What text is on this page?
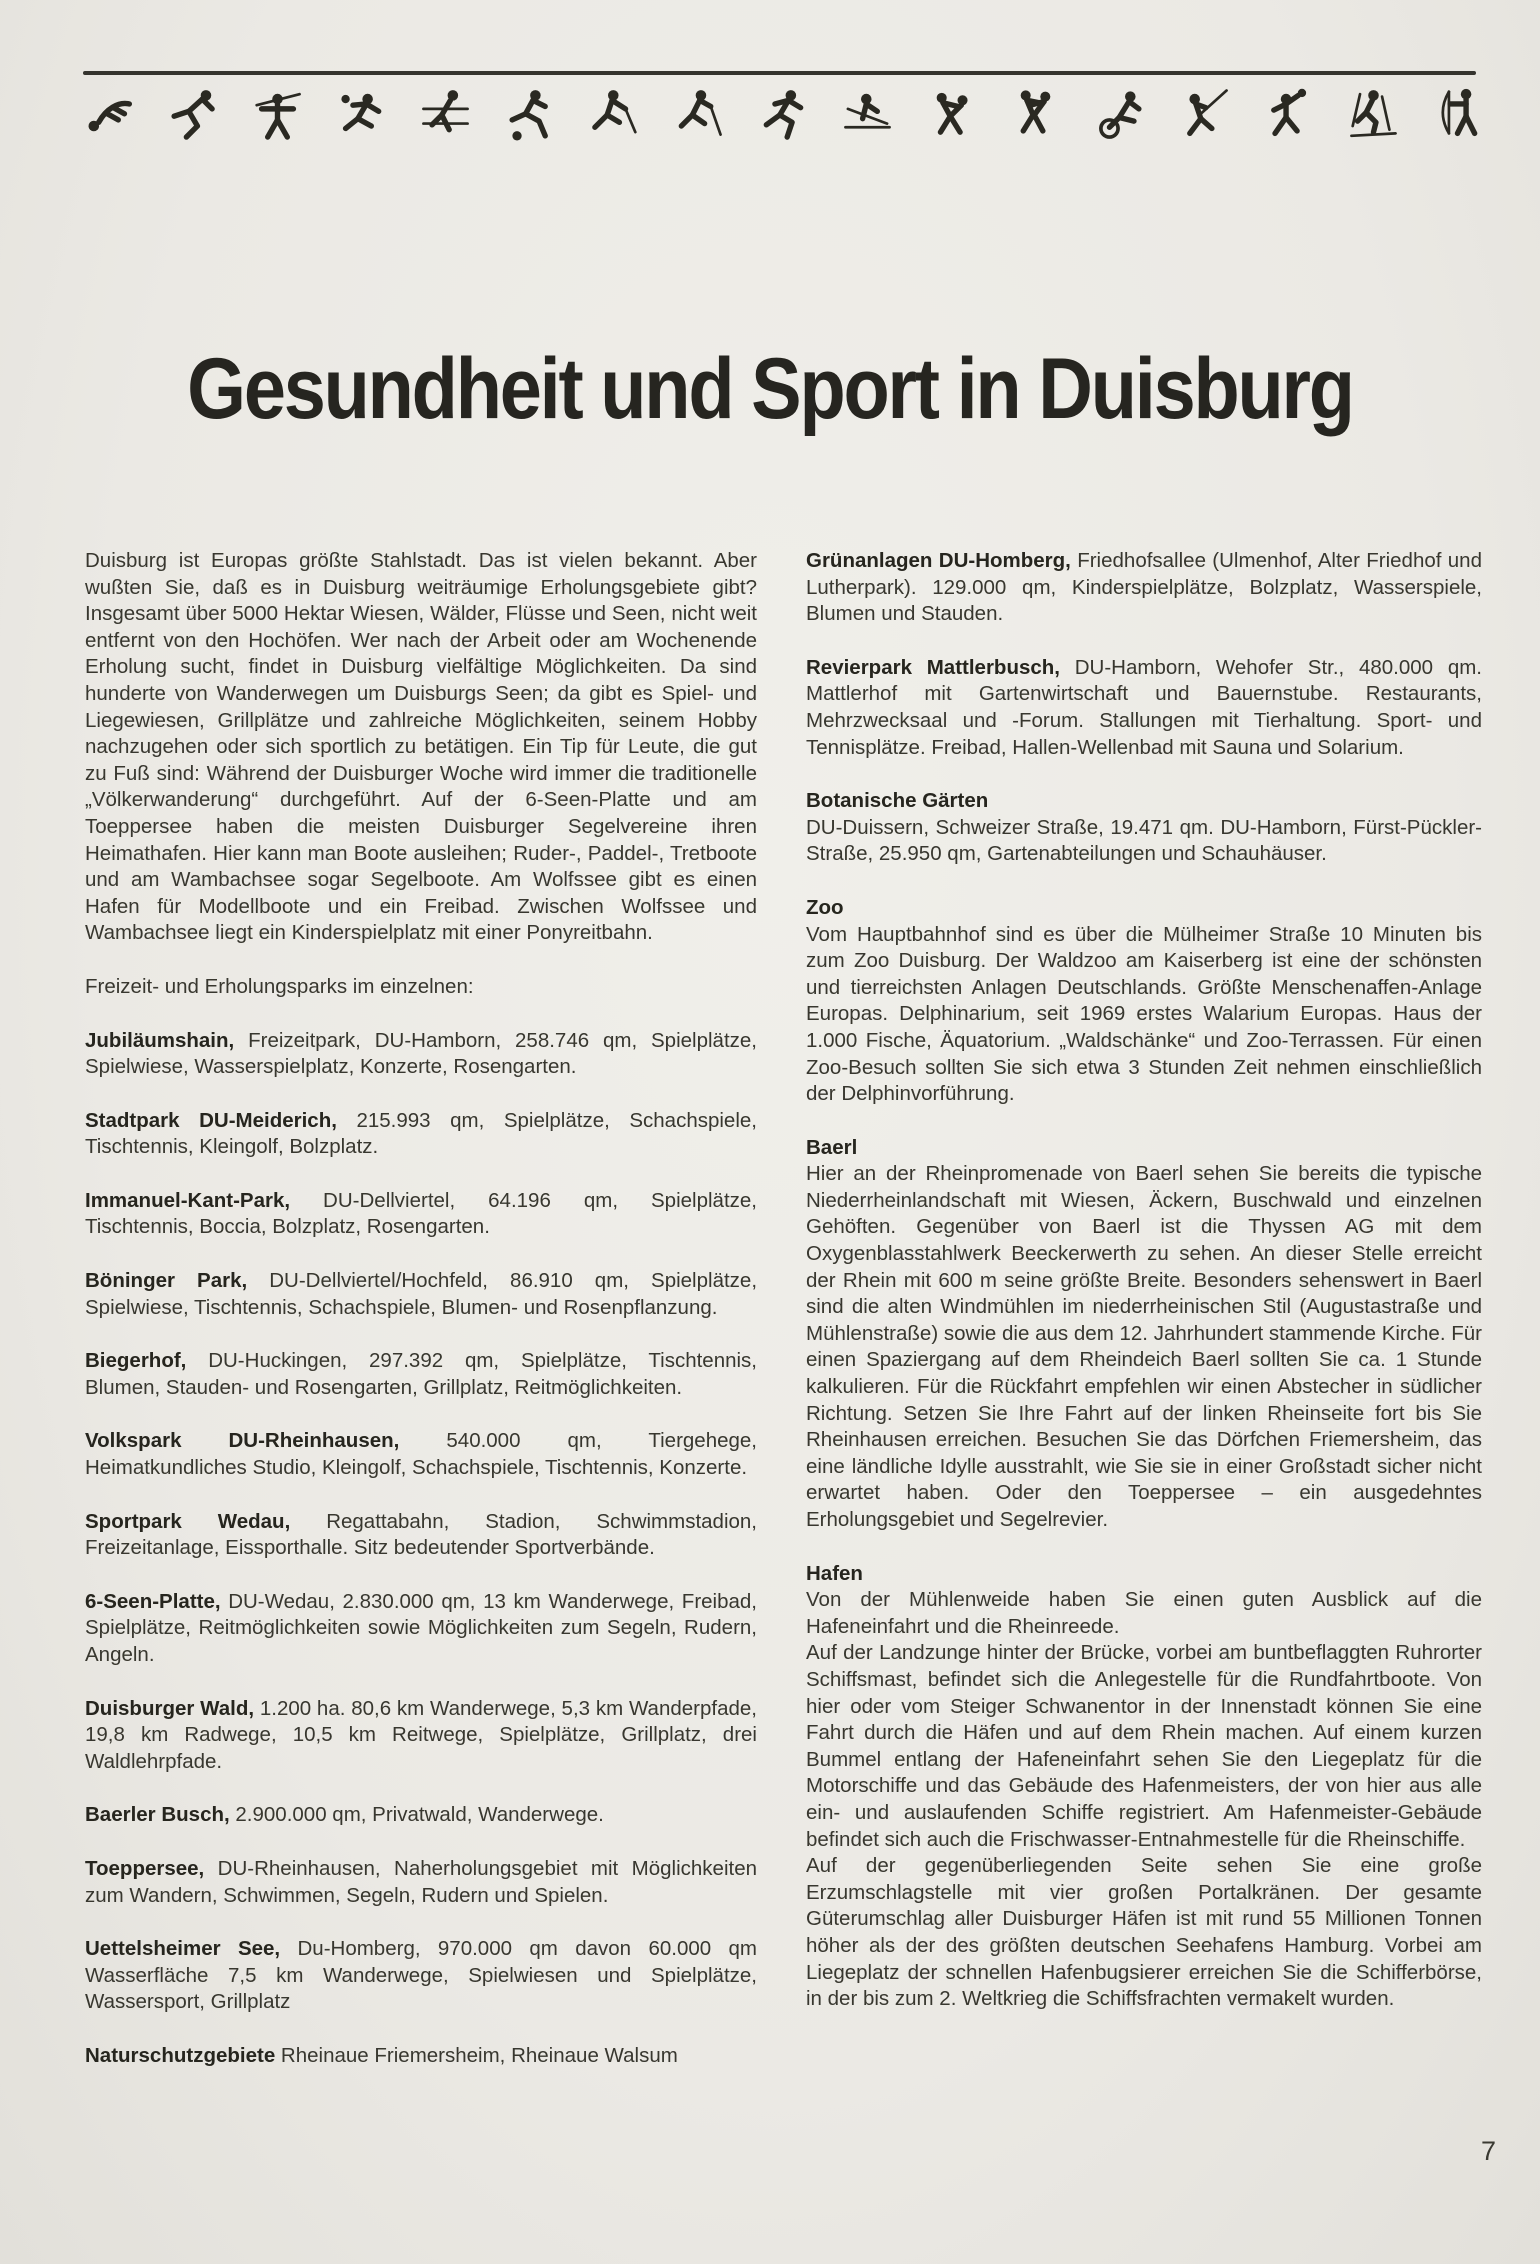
Gesundheit und Sport in Duisburg

Duisburg ist Europas größte Stahlstadt. Das ist vielen bekannt. Aber wußten Sie, daß es in Duisburg weiträumige Erholungsgebiete gibt? Insgesamt über 5000 Hektar Wiesen, Wälder, Flüsse und Seen, nicht weit entfernt von den Hochöfen. Wer nach der Arbeit oder am Wochenende Erholung sucht, findet in Duisburg vielfältige Möglichkeiten. Da sind hunderte von Wanderwegen um Duisburgs Seen; da gibt es Spiel- und Liegewiesen, Grillplätze und zahlreiche Möglichkeiten, seinem Hobby nachzugehen oder sich sportlich zu betätigen. Ein Tip für Leute, die gut zu Fuß sind: Während der Duisburger Woche wird immer die traditionelle „Völkerwanderung“ durchgeführt. Auf der 6-Seen-Platte und am Toeppersee haben die meisten Duisburger Segelvereine ihren Heimathafen. Hier kann man Boote ausleihen; Ruder-, Paddel-, Tretboote und am Wambachsee sogar Segelboote. Am Wolfssee gibt es einen Hafen für Modellboote und ein Freibad. Zwischen Wolfssee und Wambachsee liegt ein Kinderspielplatz mit einer Ponyreitbahn.

Freizeit- und Erholungsparks im einzelnen:

Jubiläumshain, Freizeitpark, DU-Hamborn, 258.746 qm, Spielplätze, Spielwiese, Wasserspielplatz, Konzerte, Rosengarten.

Stadtpark DU-Meiderich, 215.993 qm, Spielplätze, Schachspiele, Tischtennis, Kleingolf, Bolzplatz.

Immanuel-Kant-Park, DU-Dellviertel, 64.196 qm, Spielplätze, Tischtennis, Boccia, Bolzplatz, Rosengarten.

Böninger Park, DU-Dellviertel/Hochfeld, 86.910 qm, Spielplätze, Spielwiese, Tischtennis, Schachspiele, Blumen- und Rosenpflanzung.

Biegerhof, DU-Huckingen, 297.392 qm, Spielplätze, Tischtennis, Blumen, Stauden- und Rosengarten, Grillplatz, Reitmöglichkeiten.

Volkspark DU-Rheinhausen, 540.000 qm, Tiergehege, Heimatkundliches Studio, Kleingolf, Schachspiele, Tischtennis, Konzerte.

Sportpark Wedau, Regattabahn, Stadion, Schwimmstadion, Freizeitanlage, Eissporthalle. Sitz bedeutender Sportverbände.

6-Seen-Platte, DU-Wedau, 2.830.000 qm, 13 km Wanderwege, Freibad, Spielplätze, Reitmöglichkeiten sowie Möglichkeiten zum Segeln, Rudern, Angeln.

Duisburger Wald, 1.200 ha. 80,6 km Wanderwege, 5,3 km Wanderpfade, 19,8 km Radwege, 10,5 km Reitwege, Spielplätze, Grillplatz, drei Waldlehrpfade.

Baerler Busch, 2.900.000 qm, Privatwald, Wanderwege.

Toeppersee, DU-Rheinhausen, Naherholungsgebiet mit Möglichkeiten zum Wandern, Schwimmen, Segeln, Rudern und Spielen.

Uettelsheimer See, Du-Homberg, 970.000 qm davon 60.000 qm Wasserfläche 7,5 km Wanderwege, Spielwiesen und Spielplätze, Wassersport, Grillplatz

Naturschutzgebiete Rheinaue Friemersheim, Rheinaue Walsum

Grünanlagen DU-Homberg, Friedhofsallee (Ulmenhof, Alter Friedhof und Lutherpark). 129.000 qm, Kinderspielplätze, Bolzplatz, Wasserspiele, Blumen und Stauden.

Revierpark Mattlerbusch, DU-Hamborn, Wehofer Str., 480.000 qm. Mattlerhof mit Gartenwirtschaft und Bauernstube. Restaurants, Mehrzwecksaal und -Forum. Stallungen mit Tierhaltung. Sport- und Tennisplätze. Freibad, Hallen-Wellenbad mit Sauna und Solarium.

Botanische Gärten

DU-Duissern, Schweizer Straße, 19.471 qm. DU-Hamborn, Fürst-Pückler-Straße, 25.950 qm, Gartenabteilungen und Schauhäuser.

Zoo

Vom Hauptbahnhof sind es über die Mülheimer Straße 10 Minuten bis zum Zoo Duisburg. Der Waldzoo am Kaiserberg ist eine der schönsten und tierreichsten Anlagen Deutschlands. Größte Menschenaffen-Anlage Europas. Delphinarium, seit 1969 erstes Walarium Europas. Haus der 1.000 Fische, Äquatorium. „Waldschänke“ und Zoo-Terrassen. Für einen Zoo-Besuch sollten Sie sich etwa 3 Stunden Zeit nehmen einschließlich der Delphinvorführung.

Baerl

Hier an der Rheinpromenade von Baerl sehen Sie bereits die typische Niederrheinlandschaft mit Wiesen, Äckern, Buschwald und einzelnen Gehöften. Gegenüber von Baerl ist die Thyssen AG mit dem Oxygenblasstahlwerk Beeckerwerth zu sehen. An dieser Stelle erreicht der Rhein mit 600 m seine größte Breite. Besonders sehenswert in Baerl sind die alten Windmühlen im niederrheinischen Stil (Augustastraße und Mühlenstraße) sowie die aus dem 12. Jahrhundert stammende Kirche. Für einen Spaziergang auf dem Rheindeich Baerl sollten Sie ca. 1 Stunde kalkulieren. Für die Rückfahrt empfehlen wir einen Abstecher in südlicher Richtung. Setzen Sie Ihre Fahrt auf der linken Rheinseite fort bis Sie Rheinhausen erreichen. Besuchen Sie das Dörfchen Friemersheim, das eine ländliche Idylle ausstrahlt, wie Sie sie in einer Großstadt sicher nicht erwartet haben. Oder den Toeppersee – ein ausgedehntes Erholungsgebiet und Segelrevier.

Hafen

Von der Mühlenweide haben Sie einen guten Ausblick auf die Hafeneinfahrt und die Rheinreede.

Auf der Landzunge hinter der Brücke, vorbei am buntbeflaggten Ruhrorter Schiffsmast, befindet sich die Anlegestelle für die Rundfahrtboote. Von hier oder vom Steiger Schwanentor in der Innenstadt können Sie eine Fahrt durch die Häfen und auf dem Rhein machen. Auf einem kurzen Bummel entlang der Hafeneinfahrt sehen Sie den Liegeplatz für die Motorschiffe und das Gebäude des Hafenmeisters, der von hier aus alle ein- und auslaufenden Schiffe registriert. Am Hafenmeister-Gebäude befindet sich auch die Frischwasser-Entnahmestelle für die Rheinschiffe.

Auf der gegenüberliegenden Seite sehen Sie eine große Erzumschlagstelle mit vier großen Portalkränen. Der gesamte Güterumschlag aller Duisburger Häfen ist mit rund 55 Millionen Tonnen höher als der des größten deutschen Seehafens Hamburg. Vorbei am Liegeplatz der schnellen Hafenbugsierer erreichen Sie die Schifferbörse, in der bis zum 2. Weltkrieg die Schiffsfrachten vermakelt wurden.

7
